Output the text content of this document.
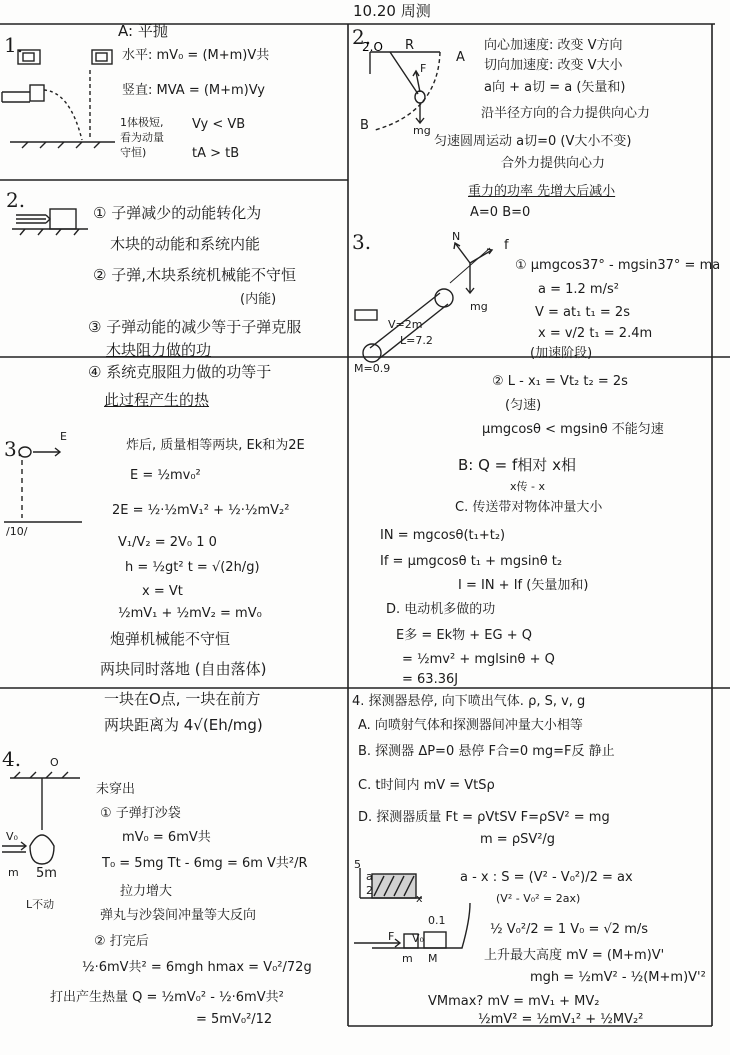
10.20 周测
1.
A: 平抛
水平: mV₀ = (M+m)V共
竖直: MVA = (M+m)Vy
Vy < VB
tA > tB
1体极短,
看为动量
守恒)
2.
2.O R
A
B
F
mg
向心加速度: 改变 V方向
切向加速度: 改变 V大小
a向 + a切 = a (矢量和)
沿半径方向的合力提供向心力
匀速圆周运动 a切=0 (V大小不变)
合外力提供向心力
重力的功率 先增大后减小
A=0 B=0
2.
① 子弹减少的动能转化为
木块的动能和系统内能
② 子弹,木块系统机械能不守恒
(内能)
③ 子弹动能的减少等于子弹克服
木块阻力做的功
3.	N
f
mg
V=2m
L=7.2
M=0.9
① μmgcos37° - mgsin37° = ma
a = 1.2 m/s²
V = at₁ t₁ = 2s
x = v/2 t₁ = 2.4m
(加速阶段)
④ 系统克服阻力做的功等于
此过程产生的热
3.
E
/10/
炸后, 质量相等两块, Ek和为2E
E = ½mv₀²
2E = ½·½mV₁² + ½·½mV₂²
V₁/V₂ = 2V₀ 1 0
h = ½gt² t = √(2h/g)
x = Vt
½mV₁ + ½mV₂ = mV₀
炮弹机械能不守恒
两块同时落地 (自由落体)
一块在O点, 一块在前方
两块距离为 4√(Eh/mg)
② L - x₁ = Vt₂ t₂ = 2s
(匀速)
μmgcosθ < mgsinθ 不能匀速
B: Q = f相对 x相
x传 - x
C. 传送带对物体冲量大小
IN = mgcosθ(t₁+t₂)
If = μmgcosθ t₁ + mgsinθ t₂
I = IN + If (矢量加和)
D. 电动机多做的功
E多 = Ek物 + EG + Q
= ½mv² + mglsinθ + Q
= 63.36J
4.	O
V₀
m 5m
L不动
未穿出
① 子弹打沙袋
mV₀ = 6mV共
T₀ = 5mg Tt - 6mg = 6m V共²/R
拉力增大
弹丸与沙袋间冲量等大反向
② 打完后
½·6mV共² = 6mgh hmax = V₀²/72g
打出产生热量 Q = ½mV₀² - ½·6mV共²
= 5mV₀²/12
4. 探测器悬停, 向下喷出气体. ρ, S, v, g
A. 向喷射气体和探测器间冲量大小相等
B. 探测器 ΔP=0 悬停 F合=0 mg=F反 静止
C. t时间内 mV = VtSρ
D. 探测器质量 Ft = ρVtSV F=ρSV² = mg
m = ρSV²/g
5
a
2
x
F V₀
0.1
m M
a - x : S = (V² - V₀²)/2 = ax
(V² - V₀² = 2ax)
½ V₀²/2 = 1 V₀ = √2 m/s
上升最大高度 mV = (M+m)V'
mgh = ½mV² - ½(M+m)V'²
VMmax? mV = mV₁ + MV₂
½mV² = ½mV₁² + ½MV₂²
